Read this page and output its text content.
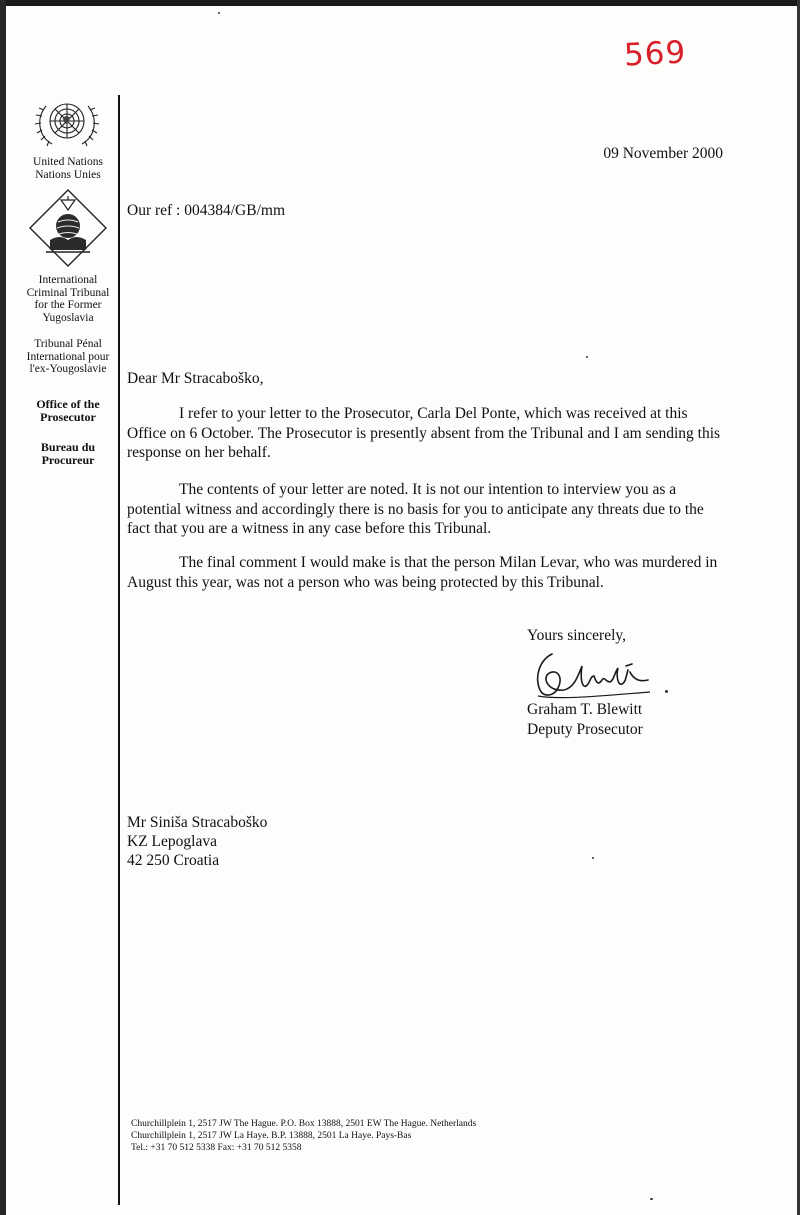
569
United Nations
Nations Unies
International
Criminal Tribunal
for the Former
Yugoslavia
Tribunal Pénal
International pour
l'ex-Yougoslavie
Office of the
Prosecutor
Bureau du
Procureur
09 November 2000
Our ref : 004384/GB/mm
Dear Mr Stracaboško,

I refer to your letter to the Prosecutor, Carla Del Ponte, which was received at this Office on 6 October. The Prosecutor is presently absent from the Tribunal and I am sending this response on her behalf.

The contents of your letter are noted. It is not our intention to interview you as a potential witness and accordingly there is no basis for you to anticipate any threats due to the fact that you are a witness in any case before this Tribunal.

The final comment I would make is that the person Milan Levar, who was murdered in August this year, was not a person who was being protected by this Tribunal.

Yours sincerely,
Graham T. Blewitt
Deputy Prosecutor
Mr Siniša Stracaboško
KZ Lepoglava
42 250 Croatia
Churchillplein 1, 2517 JW The Hague. P.O. Box 13888, 2501 EW The Hague. Netherlands
Churchillplein 1, 2517 JW La Haye. B.P. 13888, 2501 La Haye. Pays-Bas
Tel.: +31 70 512 5338 Fax: +31 70 512 5358
